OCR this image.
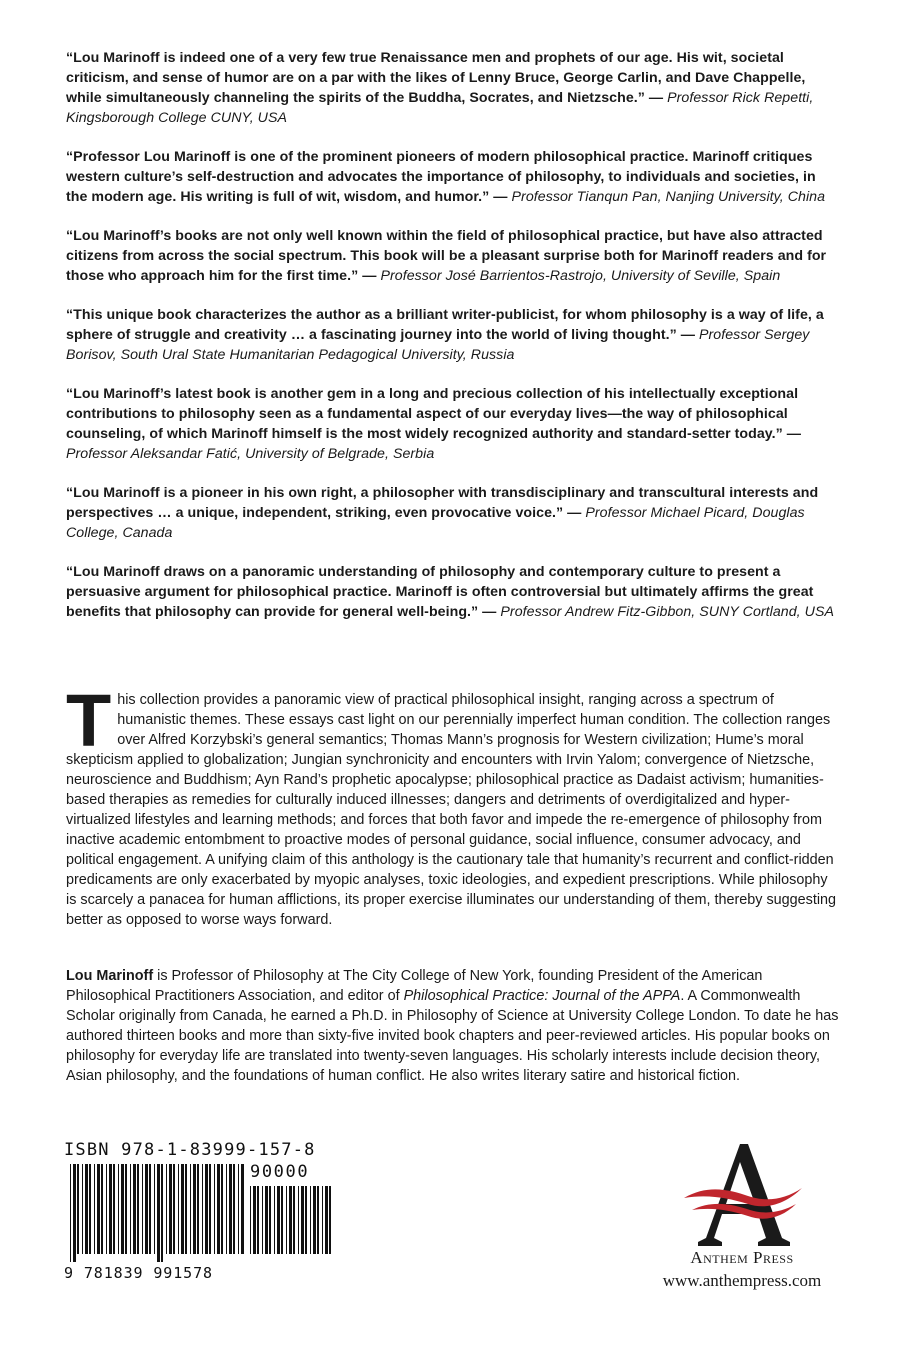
“Lou Marinoff is indeed one of a very few true Renaissance men and prophets of our age. His wit, societal criticism, and sense of humor are on a par with the likes of Lenny Bruce, George Carlin, and Dave Chappelle, while simultaneously channeling the spirits of the Buddha, Socrates, and Nietzsche.” — Professor Rick Repetti, Kingsborough College CUNY, USA

“Professor Lou Marinoff is one of the prominent pioneers of modern philosophical practice. Marinoff critiques western culture’s self-destruction and advocates the importance of philosophy, to individuals and societies, in the modern age. His writing is full of wit, wisdom, and humor.” — Professor Tianqun Pan, Nanjing University, China

“Lou Marinoff’s books are not only well known within the field of philosophical practice, but have also attracted citizens from across the social spectrum. This book will be a pleasant surprise both for Marinoff readers and for those who approach him for the first time.” — Professor José Barrientos-Rastrojo, University of Seville, Spain

“This unique book characterizes the author as a brilliant writer-publicist, for whom philosophy is a way of life, a sphere of struggle and creativity … a fascinating journey into the world of living thought.” — Professor Sergey Borisov, South Ural State Humanitarian Pedagogical University, Russia

“Lou Marinoff’s latest book is another gem in a long and precious collection of his intellectually exceptional contributions to philosophy seen as a fundamental aspect of our everyday lives—the way of philosophical counseling, of which Marinoff himself is the most widely recognized authority and standard-setter today.” — Professor Aleksandar Fatić, University of Belgrade, Serbia

“Lou Marinoff is a pioneer in his own right, a philosopher with transdisciplinary and transcultural interests and perspectives … a unique, independent, striking, even provocative voice.” — Professor Michael Picard, Douglas College, Canada

“Lou Marinoff draws on a panoramic understanding of philosophy and contemporary culture to present a persuasive argument for philosophical practice. Marinoff is often controversial but ultimately affirms the great benefits that philosophy can provide for general well-being.” — Professor Andrew Fitz-Gibbon, SUNY Cortland, USA

This collection provides a panoramic view of practical philosophical insight, ranging across a spectrum of humanistic themes. These essays cast light on our perennially imperfect human condition. The collection ranges over Alfred Korzybski’s general semantics; Thomas Mann’s prognosis for Western civilization; Hume’s moral skepticism applied to globalization; Jungian synchronicity and encounters with Irvin Yalom; convergence of Nietzsche, neuroscience and Buddhism; Ayn Rand’s prophetic apocalypse; philosophical practice as Dadaist activism; humanities-based therapies as remedies for culturally induced illnesses; dangers and detriments of overdigitalized and hyper-virtualized lifestyles and learning methods; and forces that both favor and impede the re-emergence of philosophy from inactive academic entombment to proactive modes of personal guidance, social influence, consumer advocacy, and political engagement. A unifying claim of this anthology is the cautionary tale that humanity’s recurrent and conflict-ridden predicaments are only exacerbated by myopic analyses, toxic ideologies, and expedient prescriptions. While philosophy is scarcely a panacea for human afflictions, its proper exercise illuminates our understanding of them, thereby suggesting better as opposed to worse ways forward.

Lou Marinoff is Professor of Philosophy at The City College of New York, founding President of the American Philosophical Practitioners Association, and editor of Philosophical Practice: Journal of the APPA. A Commonwealth Scholar originally from Canada, he earned a Ph.D. in Philosophy of Science at University College London. To date he has authored thirteen books and more than sixty-five invited book chapters and peer-reviewed articles. His popular books on philosophy for everyday life are translated into twenty-seven languages. His scholarly interests include decision theory, Asian philosophy, and the foundations of human conflict. He also writes literary satire and historical fiction.

ISBN 978-1-83999-157-8
90000
9 781839 991578
Anthem Press
www.anthempress.com
